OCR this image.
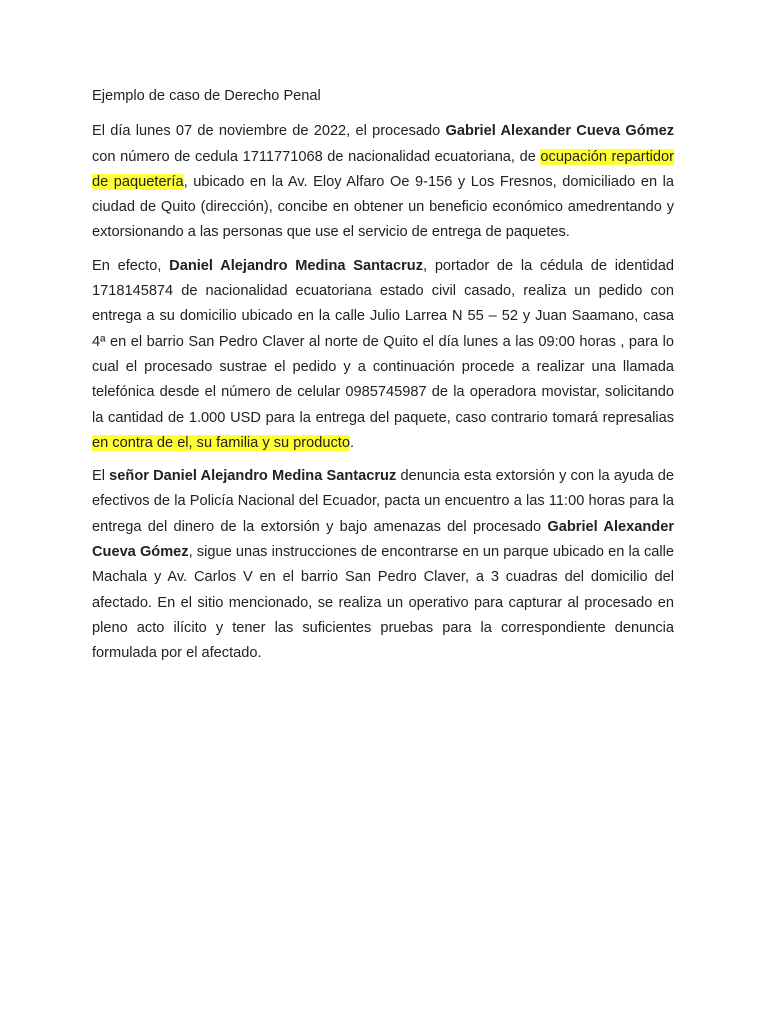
Ejemplo de caso de Derecho Penal

El día lunes 07 de noviembre de 2022, el procesado Gabriel Alexander Cueva Gómez con número de cedula 1711771068 de nacionalidad ecuatoriana, de ocupación repartidor de paquetería, ubicado en la Av. Eloy Alfaro Oe 9-156 y Los Fresnos, domiciliado en la ciudad de Quito (dirección), concibe en obtener un beneficio económico amedrentando y extorsionando a las personas que use el servicio de entrega de paquetes.

En efecto, Daniel Alejandro Medina Santacruz, portador de la cédula de identidad 1718145874 de nacionalidad ecuatoriana estado civil casado, realiza un pedido con entrega a su domicilio ubicado en la calle Julio Larrea N 55 – 52 y Juan Saamano, casa 4ª en el barrio San Pedro Claver al norte de Quito el día lunes a las 09:00 horas , para lo cual el procesado sustrae el pedido y a continuación procede a realizar una llamada telefónica desde el número de celular 0985745987 de la operadora movistar, solicitando la cantidad de 1.000 USD para la entrega del paquete, caso contrario tomará represalias en contra de el, su familia y su producto.

El señor Daniel Alejandro Medina Santacruz denuncia esta extorsión y con la ayuda de efectivos de la Policía Nacional del Ecuador, pacta un encuentro a las 11:00 horas para la entrega del dinero de la extorsión y bajo amenazas del procesado Gabriel Alexander Cueva Gómez, sigue unas instrucciones de encontrarse en un parque ubicado en la calle Machala y Av. Carlos V en el barrio San Pedro Claver, a 3 cuadras del domicilio del afectado. En el sitio mencionado, se realiza un operativo para capturar al procesado en pleno acto ilícito y tener las suficientes pruebas para la correspondiente denuncia formulada por el afectado.
